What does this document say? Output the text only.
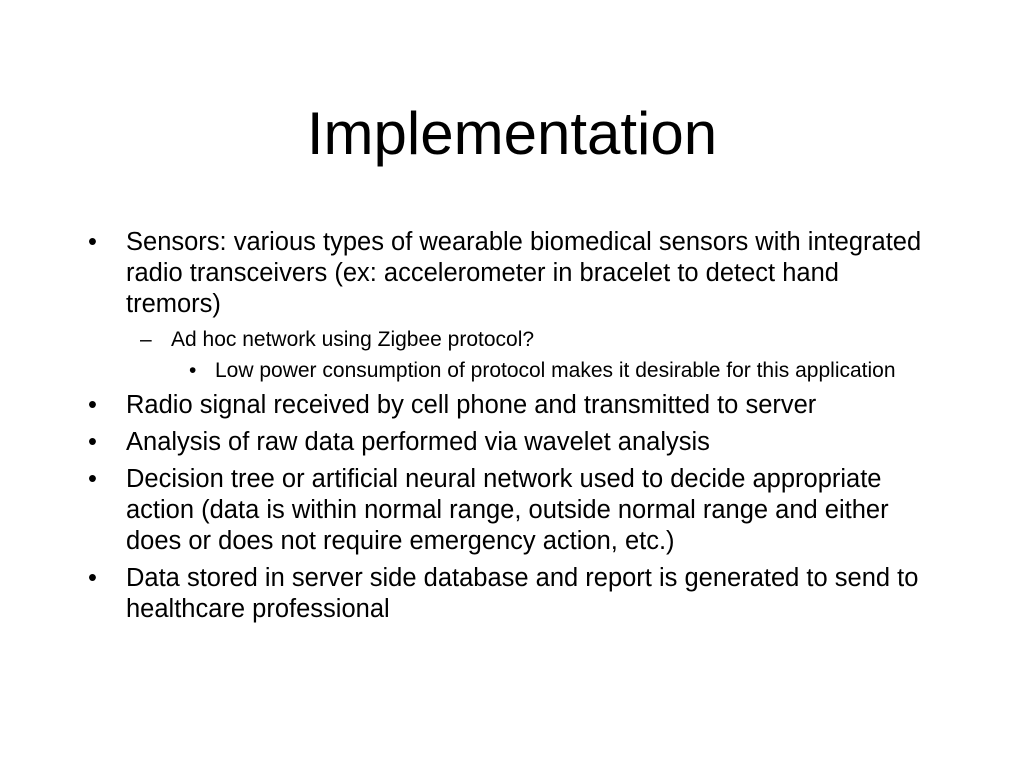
Implementation
• Sensors: various types of wearable biomedical sensors with integrated radio transceivers (ex: accelerometer in bracelet to detect hand tremors)
– Ad hoc network using Zigbee protocol?
• Low power consumption of protocol makes it desirable for this application
• Radio signal received by cell phone and transmitted to server
• Analysis of raw data performed via wavelet analysis
• Decision tree or artificial neural network used to decide appropriate action (data is within normal range, outside normal range and either does or does not require emergency action, etc.)
• Data stored in server side database and report is generated to send to healthcare professional
